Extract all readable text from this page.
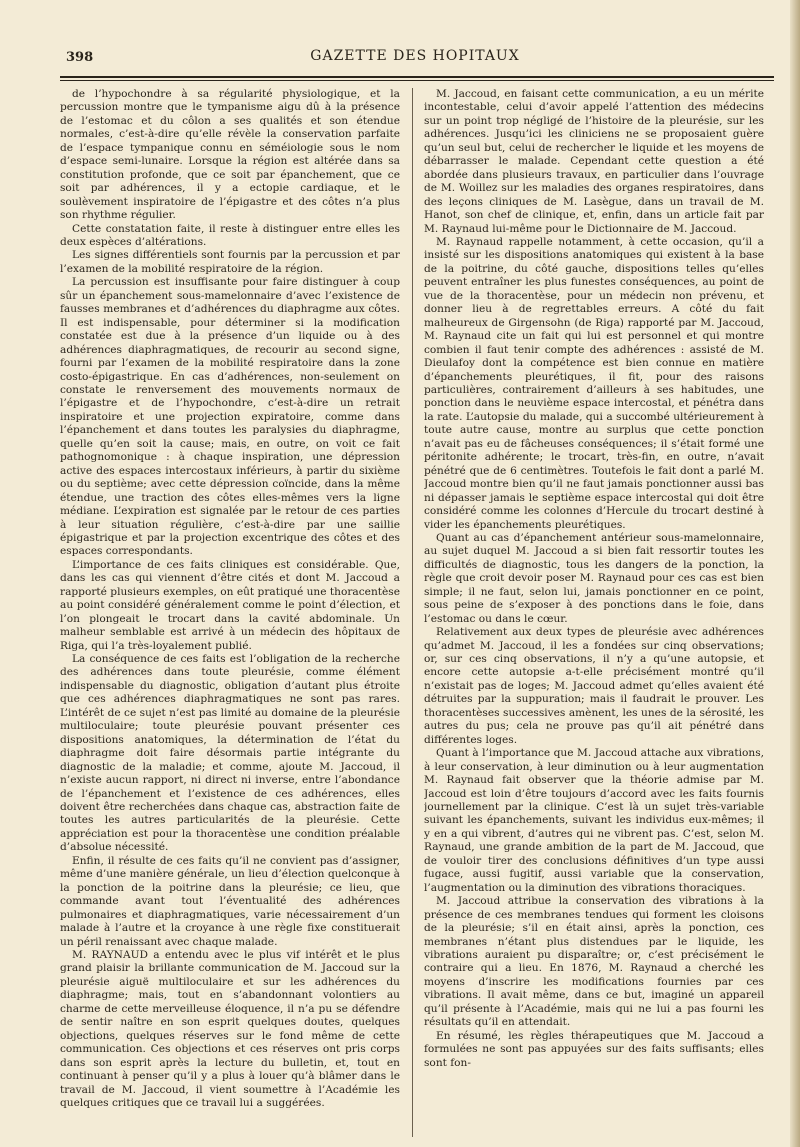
398	GAZETTE DES HOPITAUX

de l’hypochondre à sa régularité physiologique, et la percussion montre que le tympanisme aigu dû à la présence de l’estomac et du côlon a ses qualités et son étendue normales, c’est-à-dire qu’elle révèle la conservation parfaite de l’espace tympanique connu en séméiologie sous le nom d’espace semi-lunaire. Lorsque la région est altérée dans sa constitution profonde, que ce soit par épanchement, que ce soit par adhérences, il y a ectopie cardiaque, et le soulèvement inspiratoire de l’épigastre et des côtes n’a plus son rhythme régulier.

Cette constatation faite, il reste à distinguer entre elles les deux espèces d’altérations.

Les signes différentiels sont fournis par la percussion et par l’examen de la mobilité respiratoire de la région.

La percussion est insuffisante pour faire distinguer à coup sûr un épanchement sous-mamelonnaire d’avec l’existence de fausses membranes et d’adhérences du diaphragme aux côtes. Il est indispensable, pour déterminer si la modification constatée est due à la présence d’un liquide ou à des adhérences diaphragmatiques, de recourir au second signe, fourni par l’examen de la mobilité respiratoire dans la zone costo-épigastrique. En cas d’adhérences, non-seulement on constate le renversement des mouvements normaux de l’épigastre et de l’hypochondre, c’est-à-dire un retrait inspiratoire et une projection expiratoire, comme dans l’épanchement et dans toutes les paralysies du diaphragme, quelle qu’en soit la cause; mais, en outre, on voit ce fait pathognomonique : à chaque inspiration, une dépression active des espaces intercostaux inférieurs, à partir du sixième ou du septième; avec cette dépression coïncide, dans la même étendue, une traction des côtes elles-mêmes vers la ligne médiane. L’expiration est signalée par le retour de ces parties à leur situation régulière, c’est-à-dire par une saillie épigastrique et par la projection excentrique des côtes et des espaces correspondants.

L’importance de ces faits cliniques est considérable. Que, dans les cas qui viennent d’être cités et dont M. Jaccoud a rapporté plusieurs exemples, on eût pratiqué une thoracentèse au point considéré généralement comme le point d’élection, et l’on plongeait le trocart dans la cavité abdominale. Un malheur semblable est arrivé à un médecin des hôpitaux de Riga, qui l’a très-loyalement publié.

La conséquence de ces faits est l’obligation de la recherche des adhérences dans toute pleurésie, comme élément indispensable du diagnostic, obligation d’autant plus étroite que ces adhérences diaphragmatiques ne sont pas rares. L’intérêt de ce sujet n’est pas limité au domaine de la pleurésie multiloculaire; toute pleurésie pouvant présenter ces dispositions anatomiques, la détermination de l’état du diaphragme doit faire désormais partie intégrante du diagnostic de la maladie; et comme, ajoute M. Jaccoud, il n’existe aucun rapport, ni direct ni inverse, entre l’abondance de l’épanchement et l’existence de ces adhérences, elles doivent être recherchées dans chaque cas, abstraction faite de toutes les autres particularités de la pleurésie. Cette appréciation est pour la thoracentèse une condition préalable d’absolue nécessité.

Enfin, il résulte de ces faits qu’il ne convient pas d’assigner, même d’une manière générale, un lieu d’élection quelconque à la ponction de la poitrine dans la pleurésie; ce lieu, que commande avant tout l’éventualité des adhérences pulmonaires et diaphragmatiques, varie nécessairement d’un malade à l’autre et la croyance à une règle fixe constituerait un péril renaissant avec chaque malade.

M. RAYNAUD a entendu avec le plus vif intérêt et le plus grand plaisir la brillante communication de M. Jaccoud sur la pleurésie aiguë multiloculaire et sur les adhérences du diaphragme; mais, tout en s’abandonnant volontiers au charme de cette merveilleuse éloquence, il n’a pu se défendre de sentir naître en son esprit quelques doutes, quelques objections, quelques réserves sur le fond même de cette communication. Ces objections et ces réserves ont pris corps dans son esprit après la lecture du bulletin, et, tout en continuant à penser qu’il y a plus à louer qu’à blâmer dans le travail de M. Jaccoud, il vient soumettre à l’Académie les quelques critiques que ce travail lui a suggérées.

M. Jaccoud, en faisant cette communication, a eu un mérite incontestable, celui d’avoir appelé l’attention des médecins sur un point trop négligé de l’histoire de la pleurésie, sur les adhérences. Jusqu’ici les cliniciens ne se proposaient guère qu’un seul but, celui de rechercher le liquide et les moyens de débarrasser le malade. Cependant cette question a été abordée dans plusieurs travaux, en particulier dans l’ouvrage de M. Woillez sur les maladies des organes respiratoires, dans des leçons cliniques de M. Lasègue, dans un travail de M. Hanot, son chef de clinique, et, enfin, dans un article fait par M. Raynaud lui-même pour le Dictionnaire de M. Jaccoud.

M. Raynaud rappelle notamment, à cette occasion, qu’il a insisté sur les dispositions anatomiques qui existent à la base de la poitrine, du côté gauche, dispositions telles qu’elles peuvent entraîner les plus funestes conséquences, au point de vue de la thoracentèse, pour un médecin non prévenu, et donner lieu à de regrettables erreurs. A côté du fait malheureux de Girgensohn (de Riga) rapporté par M. Jaccoud, M. Raynaud cite un fait qui lui est personnel et qui montre combien il faut tenir compte des adhérences : assisté de M. Dieulafoy dont la compétence est bien connue en matière d’épanchements pleurétiques, il fit, pour des raisons particulières, contrairement d’ailleurs à ses habitudes, une ponction dans le neuvième espace intercostal, et pénétra dans la rate. L’autopsie du malade, qui a succombé ultérieurement à toute autre cause, montre au surplus que cette ponction n’avait pas eu de fâcheuses conséquences; il s’était formé une péritonite adhérente; le trocart, très-fin, en outre, n’avait pénétré que de 6 centimètres. Toutefois le fait dont a parlé M. Jaccoud montre bien qu’il ne faut jamais ponctionner aussi bas ni dépasser jamais le septième espace intercostal qui doit être considéré comme les colonnes d’Hercule du trocart destiné à vider les épanchements pleurétiques.

Quant au cas d’épanchement antérieur sous-mamelonnaire, au sujet duquel M. Jaccoud a si bien fait ressortir toutes les difficultés de diagnostic, tous les dangers de la ponction, la règle que croit devoir poser M. Raynaud pour ces cas est bien simple; il ne faut, selon lui, jamais ponctionner en ce point, sous peine de s’exposer à des ponctions dans le foie, dans l’estomac ou dans le cœur.

Relativement aux deux types de pleurésie avec adhérences qu’admet M. Jaccoud, il les a fondées sur cinq observations; or, sur ces cinq observations, il n’y a qu’une autopsie, et encore cette autopsie a-t-elle précisément montré qu’il n’existait pas de loges; M. Jaccoud admet qu’elles avaient été détruites par la suppuration; mais il faudrait le prouver. Les thoracentèses successives amènent, les unes de la sérosité, les autres du pus; cela ne prouve pas qu’il ait pénétré dans différentes loges.

Quant à l’importance que M. Jaccoud attache aux vibrations, à leur conservation, à leur diminution ou à leur augmentation M. Raynaud fait observer que la théorie admise par M. Jaccoud est loin d’être toujours d’accord avec les faits fournis journellement par la clinique. C’est là un sujet très-variable suivant les épanchements, suivant les individus eux-mêmes; il y en a qui vibrent, d’autres qui ne vibrent pas. C’est, selon M. Raynaud, une grande ambition de la part de M. Jaccoud, que de vouloir tirer des conclusions définitives d’un type aussi fugace, aussi fugitif, aussi variable que la conservation, l’augmentation ou la diminution des vibrations thoraciques.

M. Jaccoud attribue la conservation des vibrations à la présence de ces membranes tendues qui forment les cloisons de la pleurésie; s’il en était ainsi, après la ponction, ces membranes n’étant plus distendues par le liquide, les vibrations auraient pu disparaître; or, c’est précisément le contraire qui a lieu. En 1876, M. Raynaud a cherché les moyens d’inscrire les modifications fournies par ces vibrations. Il avait même, dans ce but, imaginé un appareil qu’il présente à l’Académie, mais qui ne lui a pas fourni les résultats qu’il en attendait.

En résumé, les règles thérapeutiques que M. Jaccoud a formulées ne sont pas appuyées sur des faits suffisants; elles sont fon-
